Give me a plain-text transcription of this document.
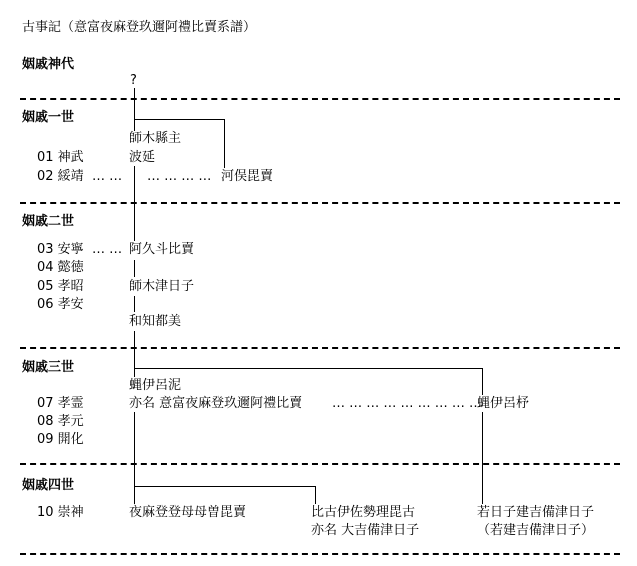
古事記（意富夜麻登玖邇阿禮比賣系譜）
姻戚神代
姻戚一世
姻戚二世
姻戚三世
姻戚四世
01 神武
02 綏靖
03 安寧
04 懿徳
05 孝昭
06 孝安
07 孝霊
08 孝元
09 開化
10 崇神
… … … … … …
… …
… … … … … … … … …
?
師木縣主
波延
河俣毘賣
阿久斗比賣
師木津日子
和知都美
蝿伊呂泥
亦名 意富夜麻登玖邇阿禮比賣	蝿伊呂杼
夜麻登登母母曽毘賣	比古伊佐勢理毘古
亦名 大吉備津日子
若日子建吉備津日子
（若建吉備津日子）
